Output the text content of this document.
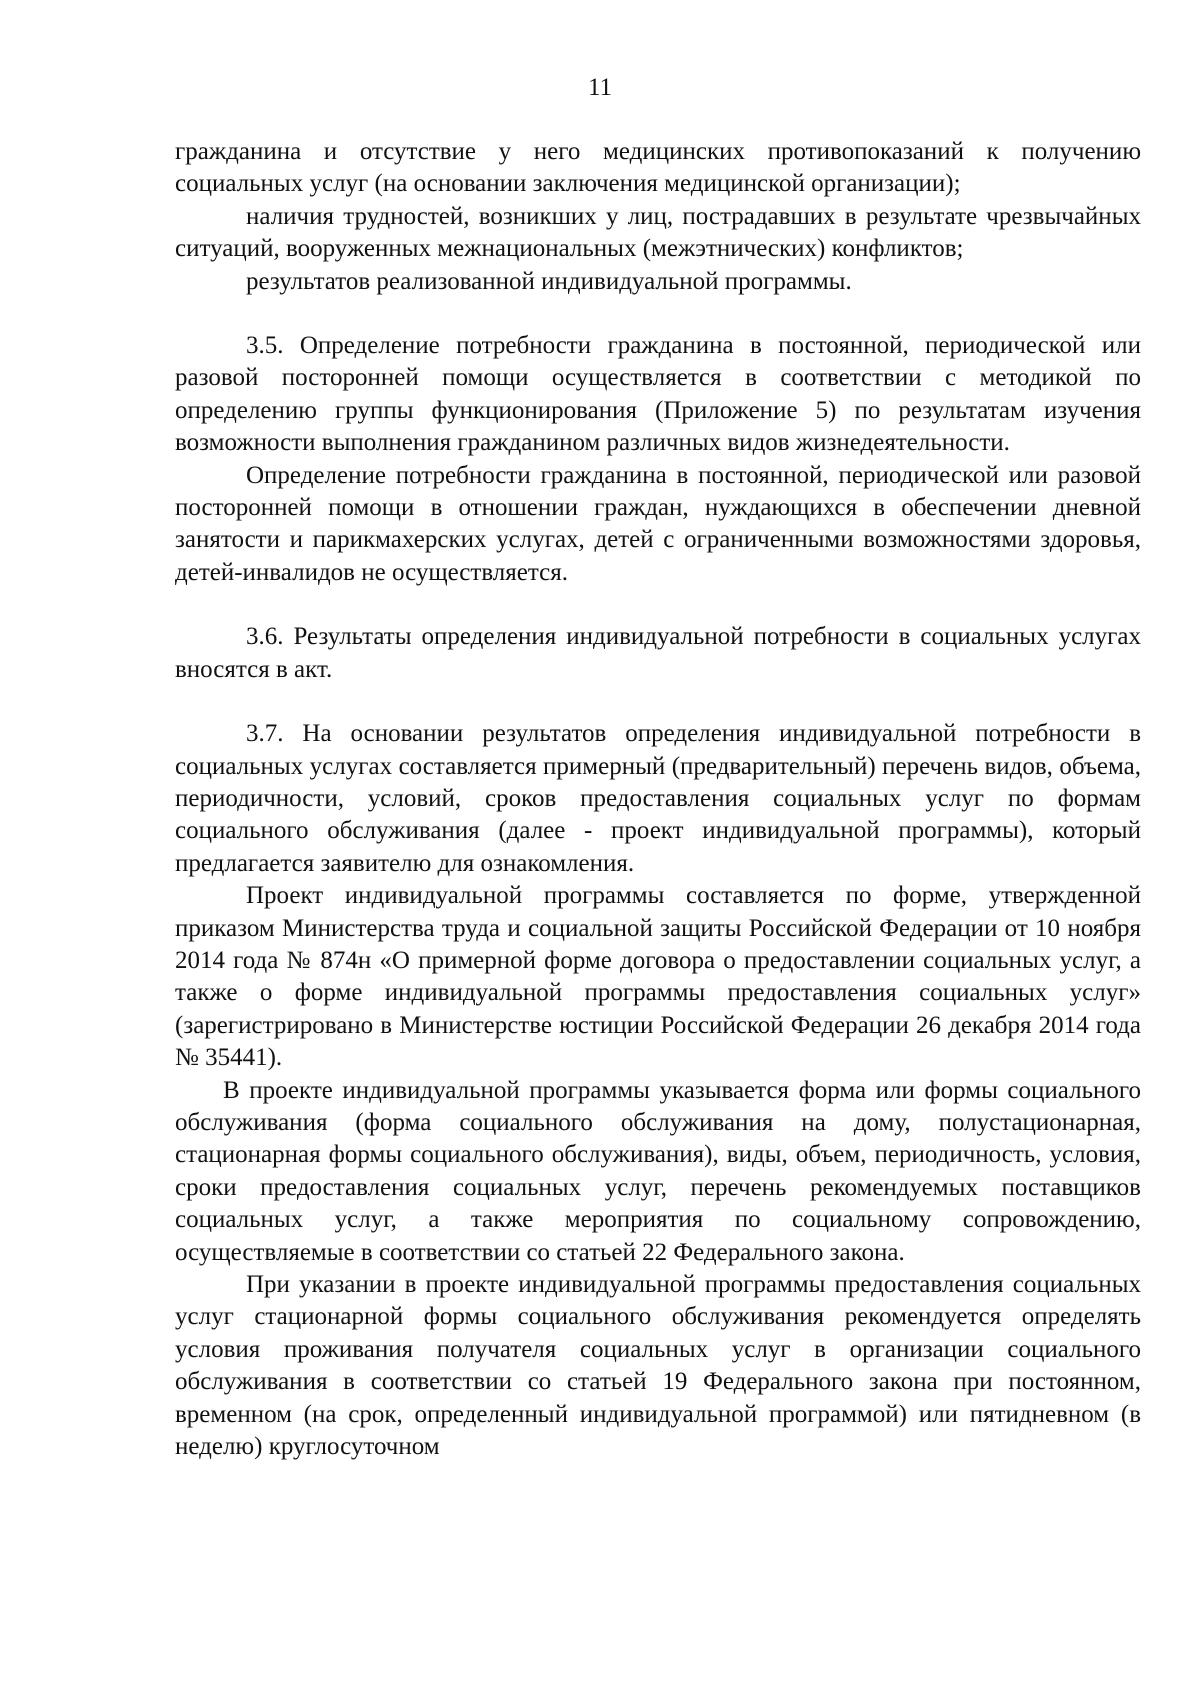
11

гражданина и отсутствие у него медицинских противопоказаний к получению социальных услуг (на основании заключения медицинской организации);

наличия трудностей, возникших у лиц, пострадавших в результате чрезвычайных ситуаций, вооруженных межнациональных (межэтнических) конфликтов;

результатов реализованной индивидуальной программы.

3.5. Определение потребности гражданина в постоянной, периодической или разовой посторонней помощи осуществляется в соответствии с методикой по определению группы функционирования (Приложение 5) по результатам изучения возможности выполнения гражданином различных видов жизнедеятельности.

Определение потребности гражданина в постоянной, периодической или разовой посторонней помощи в отношении граждан, нуждающихся в обеспечении дневной занятости и парикмахерских услугах, детей с ограниченными возможностями здоровья, детей-инвалидов не осуществляется.

3.6. Результаты определения индивидуальной потребности в социальных услугах вносятся в акт.

3.7. На основании результатов определения индивидуальной потребности в социальных услугах составляется примерный (предварительный) перечень видов, объема, периодичности, условий, сроков предоставления социальных услуг по формам социального обслуживания (далее - проект индивидуальной программы), который предлагается заявителю для ознакомления.

Проект индивидуальной программы составляется по форме, утвержденной приказом Министерства труда и социальной защиты Российской Федерации от 10 ноября 2014 года № 874н «О примерной форме договора о предоставлении социальных услуг, а также о форме индивидуальной программы предоставления социальных услуг» (зарегистрировано в Министерстве юстиции Российской Федерации 26 декабря 2014 года № 35441).

В проекте индивидуальной программы указывается форма или формы социального обслуживания (форма социального обслуживания на дому, полустационарная, стационарная формы социального обслуживания), виды, объем, периодичность, условия, сроки предоставления социальных услуг, перечень рекомендуемых поставщиков социальных услуг, а также мероприятия по социальному сопровождению, осуществляемые в соответствии со статьей 22 Федерального закона.

При указании в проекте индивидуальной программы предоставления социальных услуг стационарной формы социального обслуживания рекомендуется определять условия проживания получателя социальных услуг в организации социального обслуживания в соответствии со статьей 19 Федерального закона при постоянном, временном (на срок, определенный индивидуальной программой) или пятидневном (в неделю) круглосуточном
